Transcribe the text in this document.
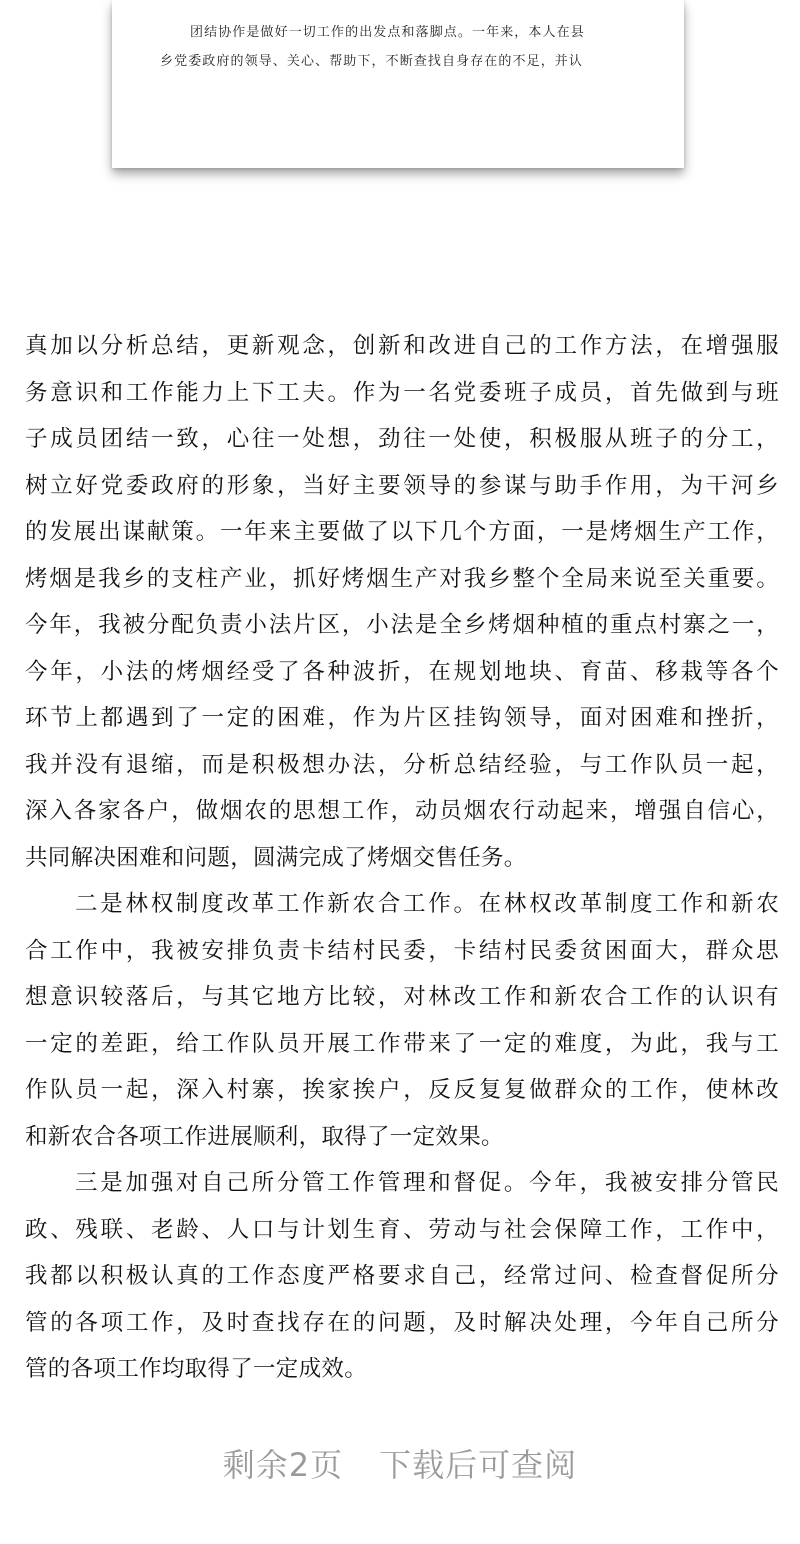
团结协作是做好一切工作的出发点和落脚点。一年来，本人在县
乡党委政府的领导、关心、帮助下，不断查找自身存在的不足，并认
真加以分析总结，更新观念，创新和改进自己的工作方法，在增强服
务意识和工作能力上下工夫。作为一名党委班子成员，首先做到与班
子成员团结一致，心往一处想，劲往一处使，积极服从班子的分工，
树立好党委政府的形象，当好主要领导的参谋与助手作用，为干河乡
的发展出谋献策。一年来主要做了以下几个方面，一是烤烟生产工作，
烤烟是我乡的支柱产业，抓好烤烟生产对我乡整个全局来说至关重要。
今年，我被分配负责小法片区，小法是全乡烤烟种植的重点村寨之一，
今年，小法的烤烟经受了各种波折，在规划地块、育苗、移栽等各个
环节上都遇到了一定的困难，作为片区挂钩领导，面对困难和挫折，
我并没有退缩，而是积极想办法，分析总结经验，与工作队员一起，
深入各家各户，做烟农的思想工作，动员烟农行动起来，增强自信心，
共同解决困难和问题，圆满完成了烤烟交售任务。
二是林权制度改革工作新农合工作。在林权改革制度工作和新农
合工作中，我被安排负责卡结村民委，卡结村民委贫困面大，群众思
想意识较落后，与其它地方比较，对林改工作和新农合工作的认识有
一定的差距，给工作队员开展工作带来了一定的难度，为此，我与工
作队员一起，深入村寨，挨家挨户，反反复复做群众的工作，使林改
和新农合各项工作进展顺利，取得了一定效果。
三是加强对自己所分管工作管理和督促。今年，我被安排分管民
政、残联、老龄、人口与计划生育、劳动与社会保障工作，工作中，
我都以积极认真的工作态度严格要求自己，经常过问、检查督促所分
管的各项工作，及时查找存在的问题，及时解决处理，今年自己所分
管的各项工作均取得了一定成效。
剩余2页 下载后可查阅
